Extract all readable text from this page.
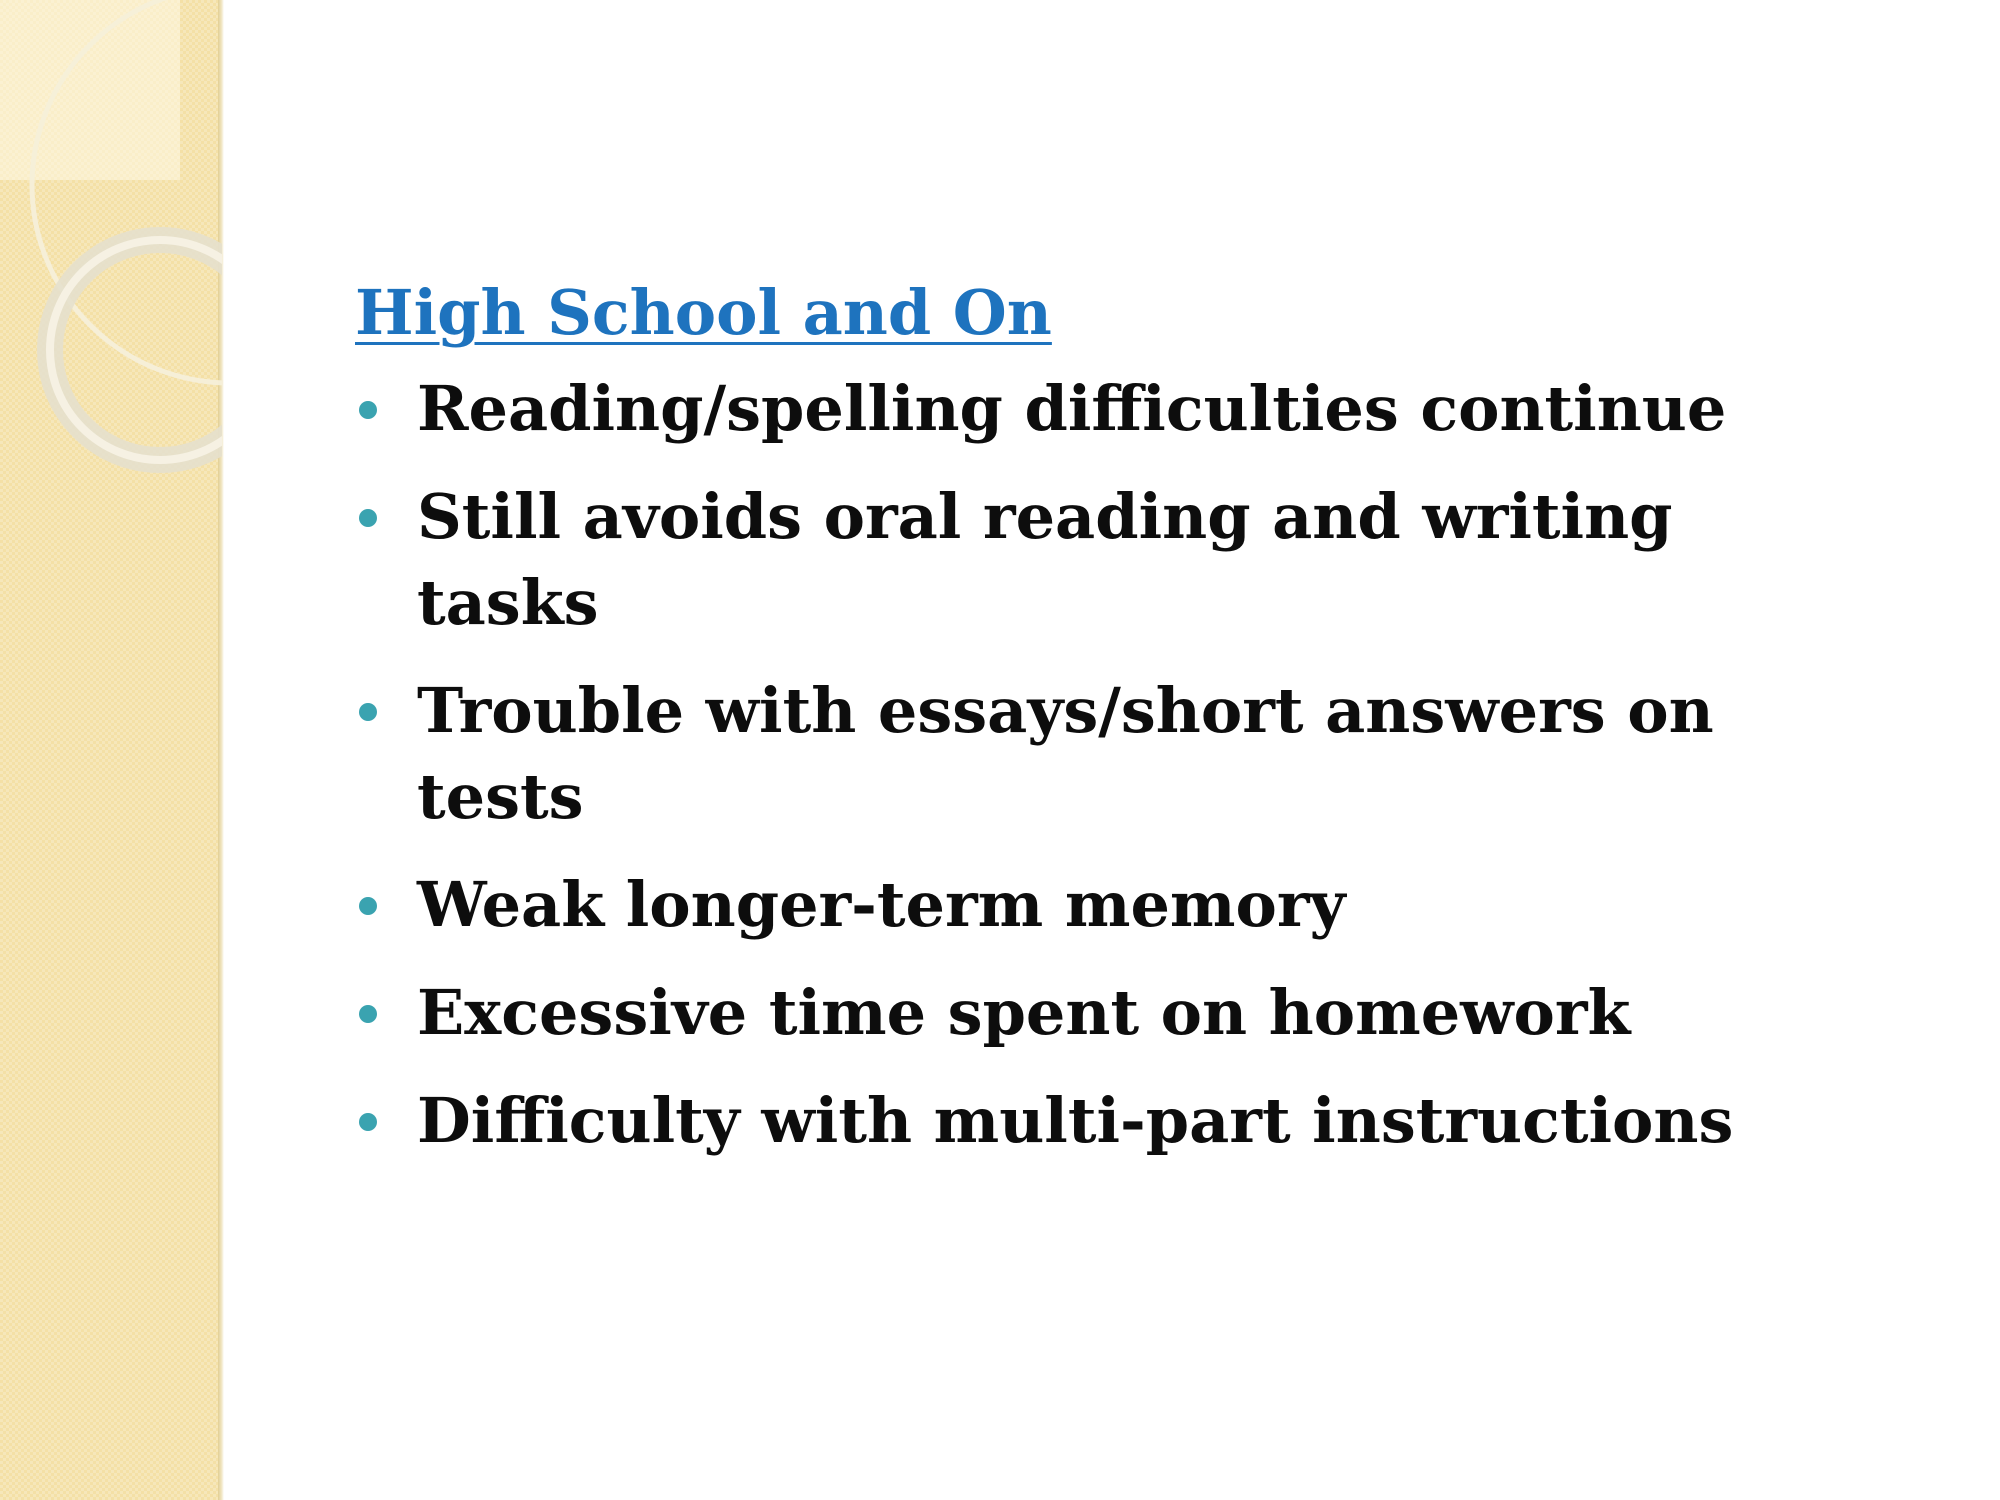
High School and On
Reading/spelling difficulties continue
Still avoids oral reading and writing tasks
Trouble with essays/short answers on tests
Weak longer-term memory
Excessive time spent on homework
Difficulty with multi-part instructions
